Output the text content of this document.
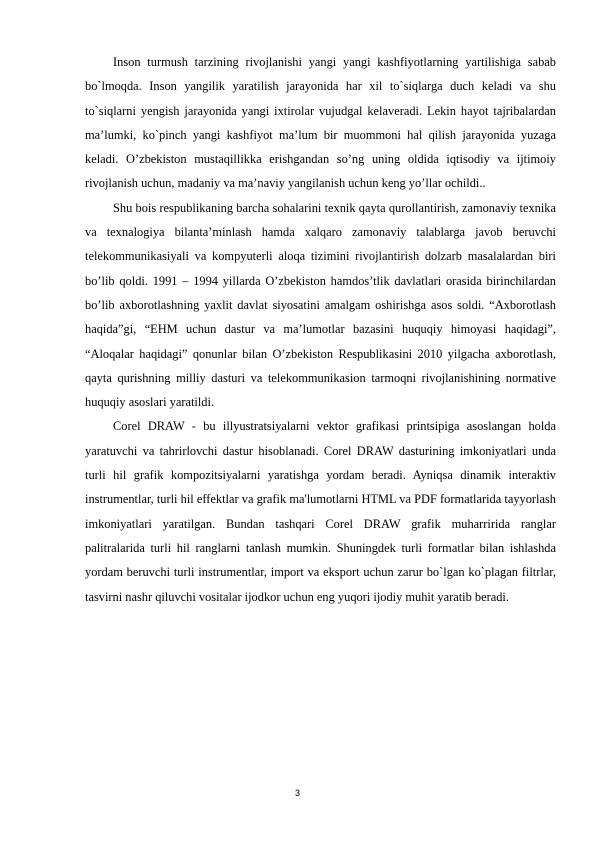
Inson turmush tarzining rivojlanishi yangi yangi kashfiyotlarning yartilishiga sabab bo`lmoqda. Inson yangilik yaratilish jarayonida har xil to`siqlarga duch keladi va shu to`siqlarni yengish jarayonida yangi ixtirolar vujudgal kelaveradi. Lekin hayot tajribalardan ma’lumki, ko`pinch yangi kashfiyot ma’lum bir muommoni hal qilish jarayonida yuzaga keladi. O’zbekiston mustaqillikka erishgandan so’ng uning oldida iqtisodiy va ijtimoiy rivojlanish uchun, madaniy va ma’naviy yangilanish uchun keng yo’llar ochildi..

Shu bois respublikaning barcha sohalarini texnik qayta qurollantirish, zamonaviy texnika va texnalogiya bilanta’minlash hamda xalqaro zamonaviy talablarga javob beruvchi telekommunikasiyali va kompyuterli aloqa tizimini rivojlantirish dolzarb masalalardan biri bo’lib qoldi. 1991 – 1994 yillarda O’zbekiston hamdos’tlik davlatlari orasida birinchilardan bo’lib axborotlashning yaxlit davlat siyosatini amalgam oshirishga asos soldi. “Axborotlash haqida”gi, “EHM uchun dastur va ma’lumotlar bazasini huquqiy himoyasi haqidagi”, “Aloqalar haqidagi” qonunlar bilan O’zbekiston Respublikasini 2010 yilgacha axborotlash, qayta qurishning milliy dasturi va telekommunikasion tarmoqni rivojlanishining normative huquqiy asoslari yaratildi.

Corel DRAW - bu illyustratsiyalarni vektor grafikasi printsipiga asoslangan holda yaratuvchi va tahrirlovchi dastur hisoblanadi. Corel DRAW dasturining imkoniyatlari unda turli hil grafik kompozitsiyalarni yaratishga yordam beradi. Ayniqsa dinamik interaktiv instrumentlar, turli hil effektlar va grafik ma'lumotlarni HTML va PDF formatlarida tayyorlash imkoniyatlari yaratilgan. Bundan tashqari Corel DRAW grafik muharririda ranglar palitralarida turli hil ranglarni tanlash mumkin. Shuningdek turli formatlar bilan ishlashda yordam beruvchi turli instrumentlar, import va eksport uchun zarur bo`lgan ko`plagan filtrlar, tasvirni nashr qiluvchi vositalar ijodkor uchun eng yuqori ijodiy muhit yaratib beradi.

3
